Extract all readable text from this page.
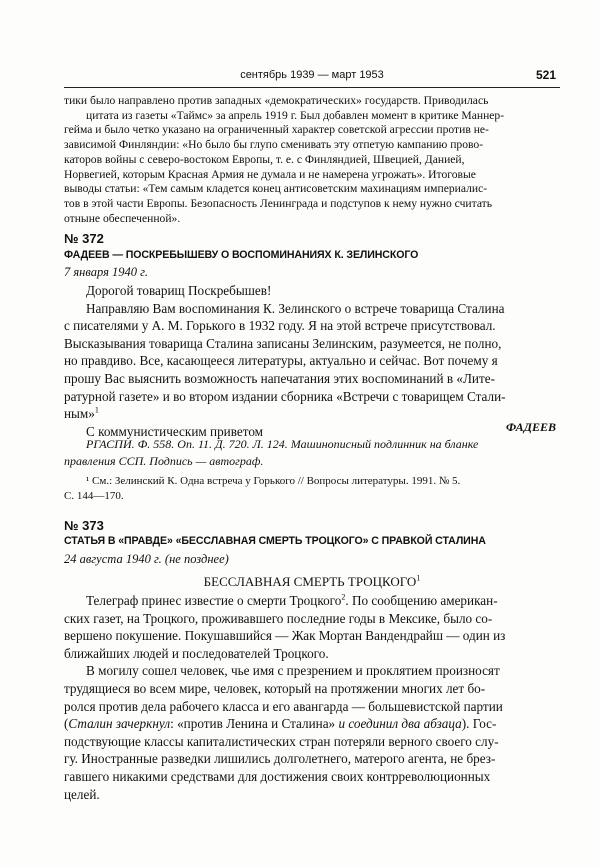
сентябрь 1939 — март 1953	521
тики было направлено против западных «демократических» государств. Приводилась
цитата из газеты «Таймс» за апрель 1919 г. Был добавлен момент в критике Маннер-
гейма и было четко указано на ограниченный характер советской агрессии против не-
зависимой Финляндии: «Но было бы глупо сменивать эту отпетую кампанию прово-
каторов войны с северо-востоком Европы, т. е. с Финляндией, Швецией, Данией,
Норвегией, которым Красная Армия не думала и не намерена угрожать». Итоговые
выводы статьи: «Тем самым кладется конец антисоветским махинациям империалис-
тов в этой части Европы. Безопасность Ленинграда и подступов к нему нужно считать
отныне обеспеченной».
№ 372
ФАДЕЕВ — ПОСКРЕБЫШЕВУ О ВОСПОМИНАНИЯХ К. ЗЕЛИНСКОГО
7 января 1940 г.
Дорогой товарищ Поскребышев!
Направляю Вам воспоминания К. Зелинского о встрече товарища Сталина
с писателями у А. М. Горького в 1932 году. Я на этой встрече присутствовал.
Высказывания товарища Сталина записаны Зелинским, разумеется, не полно,
но правдиво. Все, касающееся литературы, актуально и сейчас. Вот почему я
прошу Вас выяснить возможность напечатания этих воспоминаний в «Лите-
ратурной газете» и во втором издании сборника «Встречи с товарищем Стали-
ным»$^1$
С коммунистическим приветом	ФАДЕЕВ
РГАСПИ. Ф. 558. Оп. 11. Д. 720. Л. 124. Машинописный подлинник на бланке
правления ССП. Подпись — автограф.
¹ См.: Зелинский К. Одна встреча у Горького // Вопросы литературы. 1991. № 5.
С. 144—170.
№ 373
СТАТЬЯ В «ПРАВДЕ» «БЕССЛАВНАЯ СМЕРТЬ ТРОЦКОГО» С ПРАВКОЙ СТАЛИНА
24 августа 1940 г. (не позднее)
БЕССЛАВНАЯ СМЕРТЬ ТРОЦКОГО$^1$
Телеграф принес известие о смерти Троцкого$^2$. По сообщению американ-
ских газет, на Троцкого, проживавшего последние годы в Мексике, было со-
вершено покушение. Покушавшийся — Жак Мортан Вандендрайш — один из
ближайших людей и последователей Троцкого.
В могилу сошел человек, чье имя с презрением и проклятием произносят
трудящиеся во всем мире, человек, который на протяжении многих лет бо-
ролся против дела рабочего класса и его авангарда — большевистской партии
(Сталин зачеркнул: «против Ленина и Сталина» и соединил два абзаца). Гос-
подствующие классы капиталистических стран потеряли верного своего слу-
гу. Иностранные разведки лишились долголетнего, матерого агента, не брез-
гавшего никакими средствами для достижения своих контрреволюционных
целей.
